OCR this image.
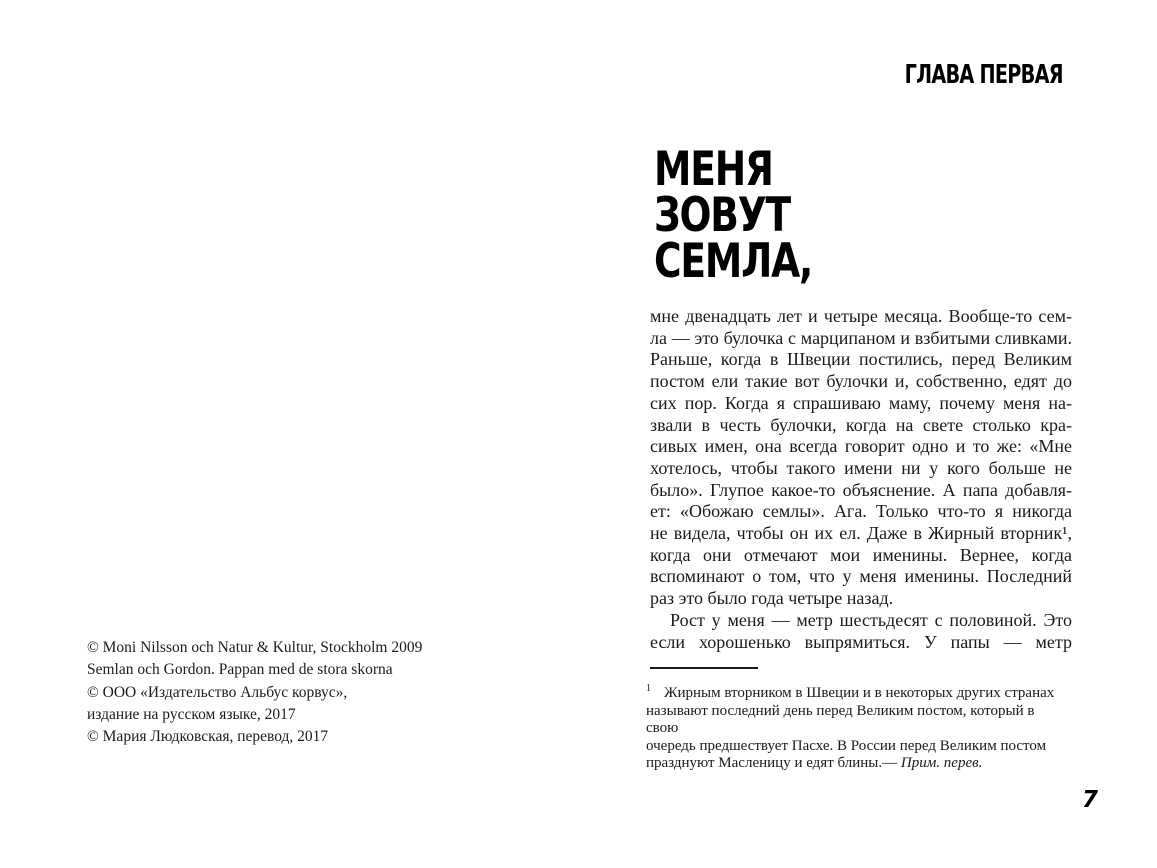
© Moni Nilsson och Natur & Kultur, Stockholm 2009
Semlan och Gordon. Pappan med de stora skorna
© ООО «Издательство Альбус корвус»,
издание на русском языке, 2017
© Мария Людковская, перевод, 2017
ГЛАВА ПЕРВАЯ
МЕНЯ
ЗОВУТ
СЕМЛА,
мне двенадцать лет и четыре месяца. Вообще-то сем-
ла — это булочка с марципаном и взбитыми сливками.
Раньше, когда в Швеции постились, перед Великим
постом ели такие вот булочки и, собственно, едят до
сих пор. Когда я спрашиваю маму, почему меня на-
звали в честь булочки, когда на свете столько кра-
сивых имен, она всегда говорит одно и то же: «Мне
хотелось, чтобы такого имени ни у кого больше не
было». Глупое какое-то объяснение. А папа добавля-
ет: «Обожаю семлы». Ага. Только что-то я никогда
не видела, чтобы он их ел. Даже в Жирный вторник¹,
когда они отмечают мои именины. Вернее, когда
вспоминают о том, что у меня именины. Последний
раз это было года четыре назад.
Рост у меня — метр шестьдесят с половиной. Это
если хорошенько выпрямиться. У папы — метр
$^1$ Жирным вторником в Швеции и в некоторых других странах
называют последний день перед Великим постом, который в свою
очередь предшествует Пасхе. В России перед Великим постом
празднуют Масленицу и едят блины.— Прим. перев.
7
